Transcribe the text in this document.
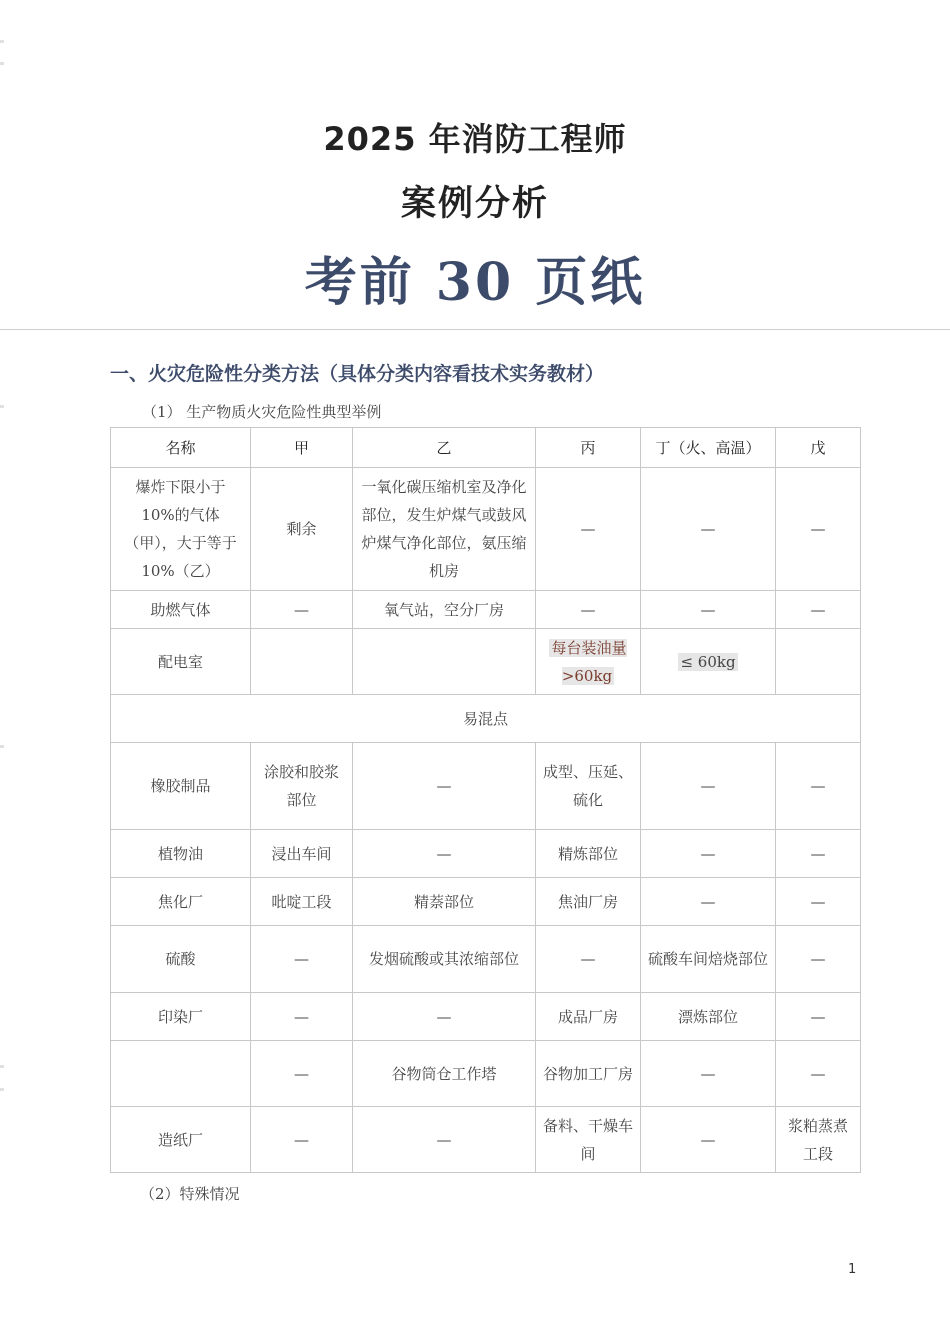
2025 年消防工程师
案例分析
考前 30 页纸
一、火灾危险性分类方法（具体分类内容看技术实务教材）
（1） 生产物质火灾危险性典型举例
名称	甲	乙	丙	丁（火、高温）	戊
爆炸下限小于 10%的气体（甲），大于等于 10%（乙）	剩余	一氧化碳压缩机室及净化部位，发生炉煤气或鼓风炉煤气净化部位，氨压缩机房	—	—	—
助燃气体	—	氧气站，空分厂房	—	—	—
配电室			每台装油量>60kg	≤ 60kg	
易混点					
橡胶制品	涂胶和胶浆部位	—	成型、压延、硫化	—	—
植物油	浸出车间	—	精炼部位	—	—
焦化厂	吡啶工段	精萘部位	焦油厂房	—	—
硫酸	—	发烟硫酸或其浓缩部位	—	硫酸车间焙烧部位	—
印染厂	—	—	成品厂房	漂炼部位	—
	—	谷物筒仓工作塔	谷物加工厂房	—	—
造纸厂	—	—	备料、干燥车间	—	浆粕蒸煮工段
（2）特殊情况
1
